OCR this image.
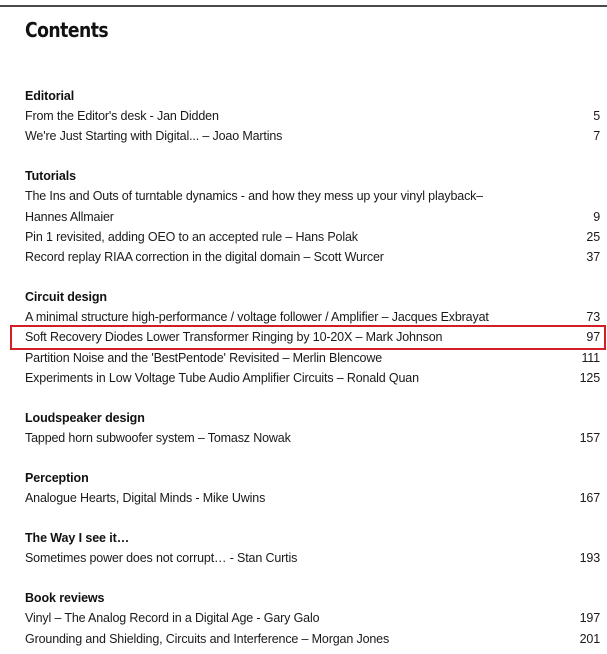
Contents
Editorial
From the Editor's desk - Jan Didden	5
We're Just Starting with Digital... – Joao Martins	7
Tutorials
The Ins and Outs of turntable dynamics - and how they mess up your vinyl playback–
Hannes Allmaier	9
Pin 1 revisited, adding OEO to an accepted rule – Hans Polak	25
Record replay RIAA correction in the digital domain – Scott Wurcer	37
Circuit design
A minimal structure high-performance / voltage follower / Amplifier – Jacques Exbrayat	73
Soft Recovery Diodes Lower Transformer Ringing by 10-20X – Mark Johnson	97
Partition Noise and the 'BestPentode' Revisited – Merlin Blencowe	111
Experiments in Low Voltage Tube Audio Amplifier Circuits – Ronald Quan	125
Loudspeaker design
Tapped horn subwoofer system – Tomasz Nowak	157
Perception
Analogue Hearts, Digital Minds - Mike Uwins	167
The Way I see it…
Sometimes power does not corrupt… - Stan Curtis	193
Book reviews
Vinyl – The Analog Record in a Digital Age - Gary Galo	197
Grounding and Shielding, Circuits and Interference – Morgan Jones	201
